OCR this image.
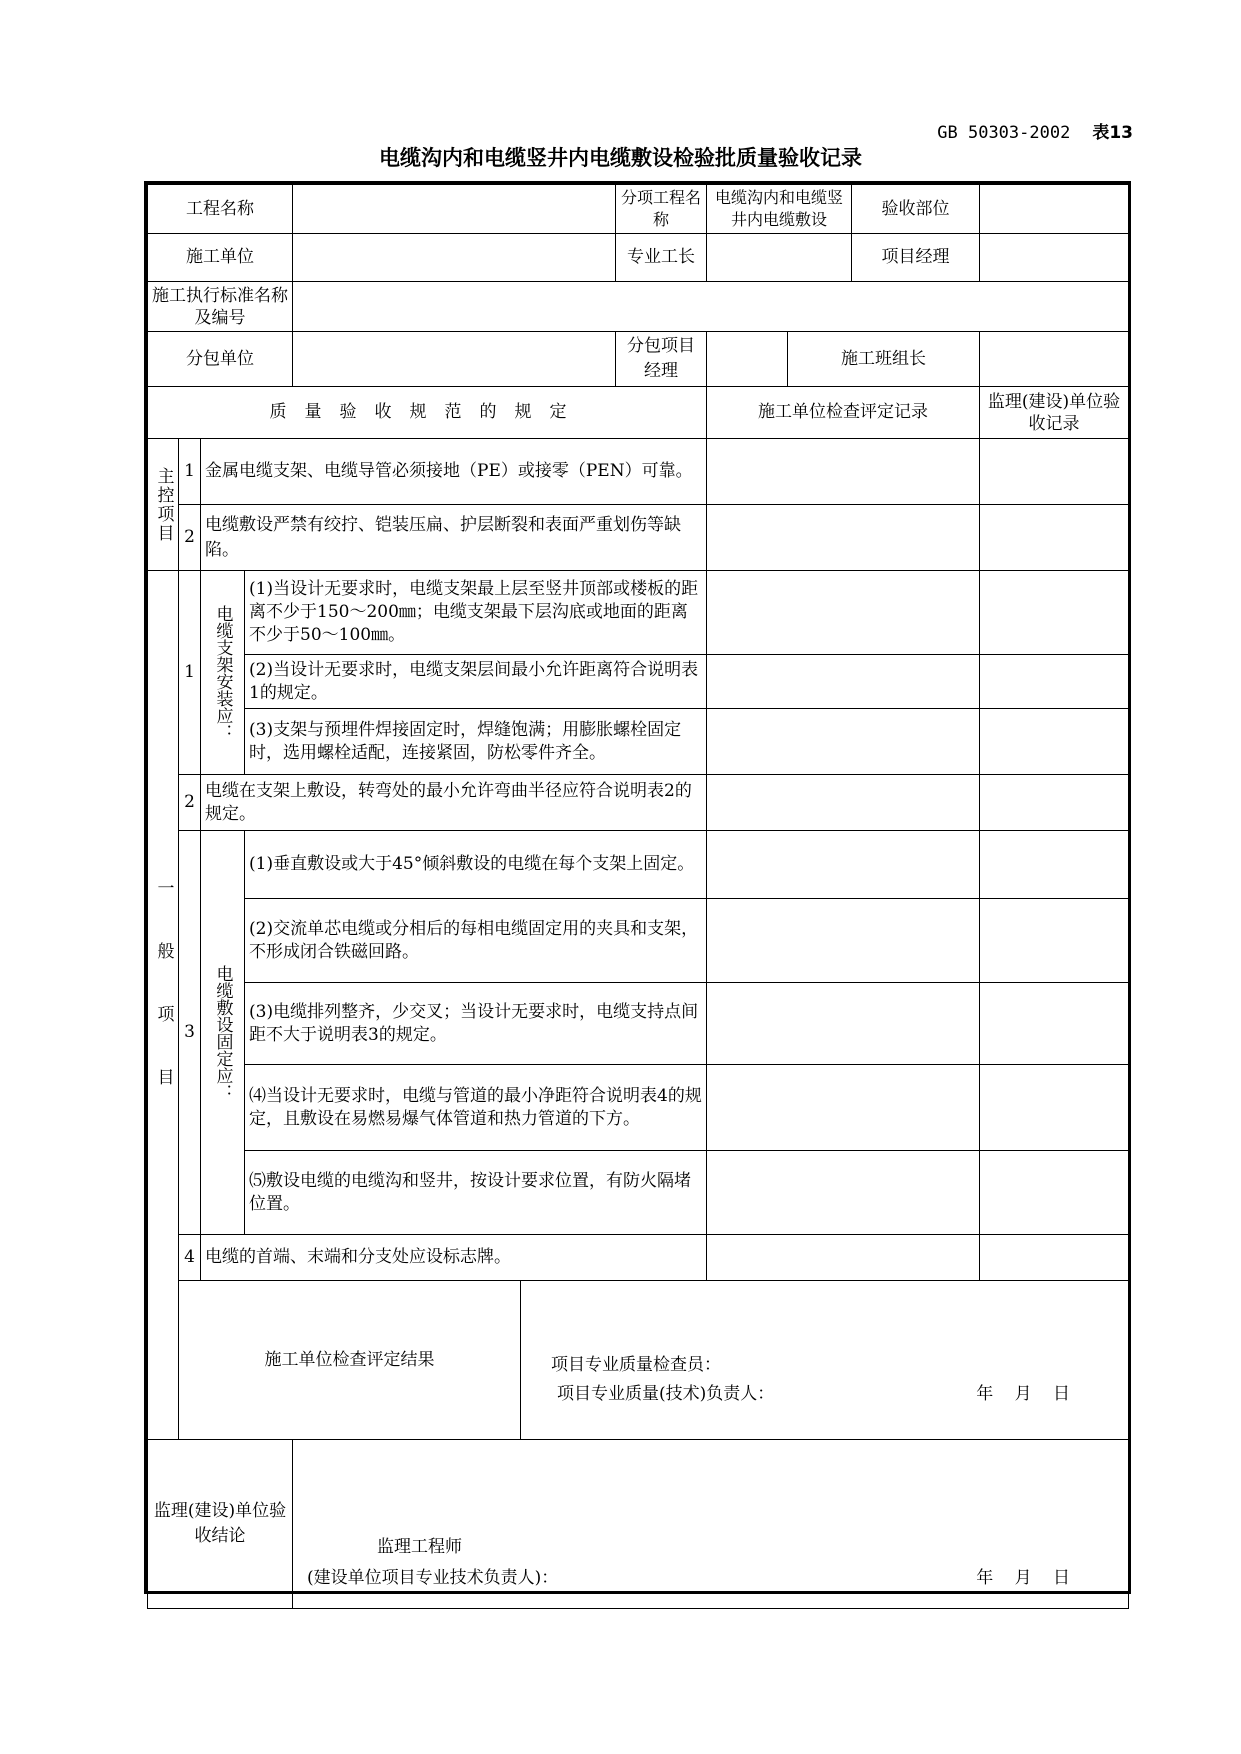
GB 50303-2002 表13
电缆沟内和电缆竖井内电缆敷设检验批质量验收记录
工程名称						分项工程名称	电缆沟内和电缆竖井内电缆敷设		验收部位	
施工单位						专业工长			项目经理	
施工执行标准名称及编号										
分包单位						分包项目经理		施工班组长		
质量验收规范的规定							施工单位检查评定记录			监理(建设)单位验收记录

主控项目	1	金属电缆支架、电缆导管必须接地（PE）或接零（PEN）可靠。								
	2	电缆敷设严禁有绞拧、铠装压扁、护层断裂和表面严重划伤等缺陷。								

一般项目	1	电缆支架安装应：	(1)当设计无要求时，电缆支架最上层至竖井顶部或楼板的距离不少于150～200㎜；电缆支架最下层沟底或地面的距离不少于50～100㎜。							
			(2)当设计无要求时，电缆支架层间最小允许距离符合说明表1的规定。							
			(3)支架与预埋件焊接固定时，焊缝饱满；用膨胀螺栓固定时，选用螺栓适配，连接紧固，防松零件齐全。							
	2	电缆在支架上敷设，转弯处的最小允许弯曲半径应符合说明表2的规定。								
	3	电缆敷设固定应：	(1)垂直敷设或大于45°倾斜敷设的电缆在每个支架上固定。							
			(2)交流单芯电缆或分相后的每相电缆固定用的夹具和支架，不形成闭合铁磁回路。							
			(3)电缆排列整齐，少交叉；当设计无要求时，电缆支持点间距不大于说明表3的规定。							
			⑷当设计无要求时，电缆与管道的最小净距符合说明表4的规定，且敷设在易燃易爆气体管道和热力管道的下方。							
			⑸敷设电缆的电缆沟和竖井，按设计要求位置，有防火隔堵位置。							
	4	电缆的首端、末端和分支处应设标志牌。								
	施工单位检查评定结果				项目专业质量检查员：
项目专业质量(技术)负责人： 年 月 日					

监理(建设)单位验收结论				监理工程师
(建设单位项目专业技术负责人)： 年 月 日						
